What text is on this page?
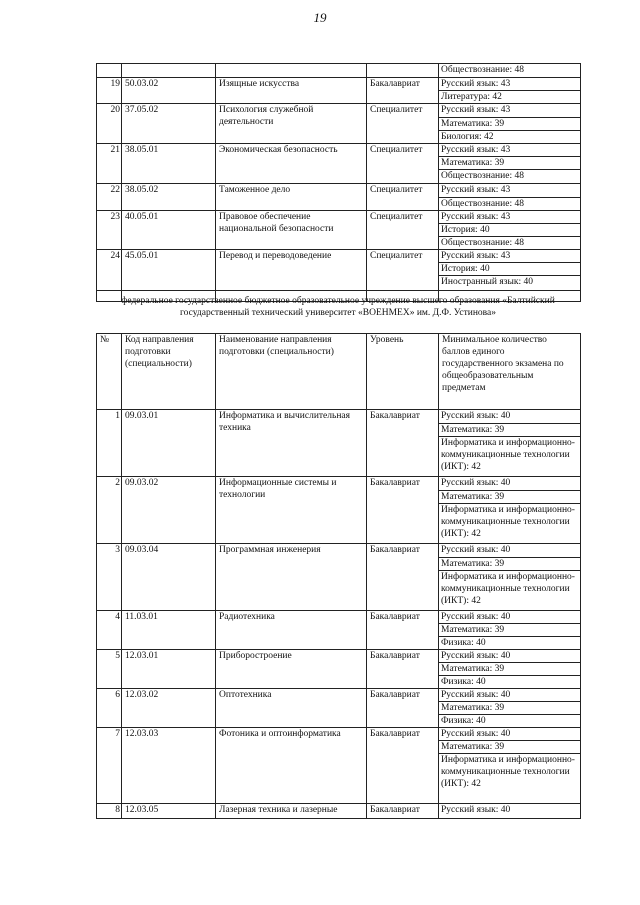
19
				Обществознание: 48
19	50.03.02	Изящные искусства	Бакалавриат	Русский язык: 43
				Литература: 42
20	37.05.02	Психология служебной деятельности	Специалитет	Русский язык: 43
				Математика: 39
				Биология: 42
21	38.05.01	Экономическая безопасность	Специалитет	Русский язык: 43
				Математика: 39
				Обществознание: 48
22	38.05.02	Таможенное дело	Специалитет	Русский язык: 43
				Обществознание: 48
23	40.05.01	Правовое обеспечение национальной безопасности	Специалитет	Русский язык: 43
				История: 40
				Обществознание: 48
24	45.05.01	Перевод и переводоведение	Специалитет	Русский язык: 43
				История: 40
				Иностранный язык: 40

федеральное государственное бюджетное образовательное учреждение высшего образования «Балтийский государственный технический университет «ВОЕНМЕХ» им. Д.Ф. Устинова»
№	Код направления подготовки (специальности)	Наименование направления подготовки (специальности)	Уровень	Минимальное количество баллов единого государственного экзамена по общеобразовательным предметам
1	09.03.01	Информатика и вычислительная техника	Бакалавриат	Русский язык: 40
				Математика: 39
				Информатика и информационно-коммуникационные технологии (ИКТ): 42
2	09.03.02	Информационные системы и технологии	Бакалавриат	Русский язык: 40
				Математика: 39
				Информатика и информационно-коммуникационные технологии (ИКТ): 42
3	09.03.04	Программная инженерия	Бакалавриат	Русский язык: 40
				Математика: 39
				Информатика и информационно-коммуникационные технологии (ИКТ): 42
4	11.03.01	Радиотехника	Бакалавриат	Русский язык: 40
				Математика: 39
				Физика: 40
5	12.03.01	Приборостроение	Бакалавриат	Русский язык: 40
				Математика: 39
				Физика: 40
6	12.03.02	Оптотехника	Бакалавриат	Русский язык: 40
				Математика: 39
				Физика: 40
7	12.03.03	Фотоника и оптоинформатика	Бакалавриат	Русский язык: 40
				Математика: 39
				Информатика и информационно-коммуникационные технологии (ИКТ): 42
8	12.03.05	Лазерная техника и лазерные	Бакалавриат	Русский язык: 40
